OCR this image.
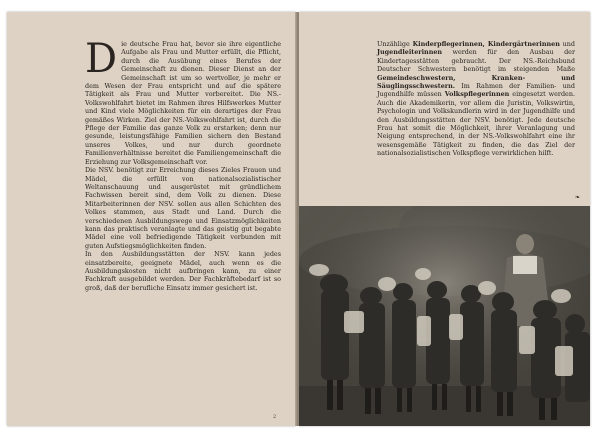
D ie deutsche Frau hat, bevor sie ihre eigentliche Aufgabe als Frau und Mutter erfüllt, die Pflicht, durch die Ausübung eines Berufes der Gemeinschaft zu dienen. Dieser Dienst an der Gemeinschaft ist um so wertvoller, je mehr er dem Wesen der Frau entspricht und auf die spätere Tätigkeit als Frau und Mutter vorbereitet. Die NS.-Volkswohlfahrt bietet im Rahmen ihres Hilfswerkes Mutter und Kind viele Möglichkeiten für ein derartiges der Frau gemäßes Wirken. Ziel der NS.-Volkswohlfahrt ist, durch die Pflege der Familie das ganze Volk zu erstarken; denn nur gesunde, leistungsfähige Familien sichern den Bestand unseres Volkes, und nur durch geordnete Familienverhältnisse bereitet die Familiengemeinschaft die Erziehung zur Volksgemeinschaft vor.

Die NSV. benötigt zur Erreichung dieses Zieles Frauen und Mädel, die erfüllt von nationalsozialistischer Weltanschauung und ausgerüstet mit gründlichem Fachwissen bereit sind, dem Volk zu dienen. Diese Mitarbeiterinnen der NSV. sollen aus allen Schichten des Volkes stammen, aus Stadt und Land. Durch die verschiedenen Ausbildungswege und Einsatzmöglichkeiten kann das praktisch veranlagte und das geistig gut begabte Mädel eine voll befriedigende Tätigkeit verbunden mit guten Aufstiegsmöglichkeiten finden.

In den Ausbildungsstätten der NSV. kann jedes einsatzbereite, geeignete Mädel, auch wenn es die Ausbildungskosten nicht aufbringen kann, zu einer Fachkraft ausgebildet werden. Der Fachkräftebedarf ist so groß, daß der berufliche Einsatz immer gesichert ist.

2
Unzählige Kinderpflegerinnen, Kindergärtnerinnen und Jugendleiterinnen werden für den Ausbau der Kindertagesstätten gebraucht. Der NS.-Reichsbund Deutscher Schwestern benötigt im steigenden Maße Gemeindeschwestern, Kranken- und Säuglingsschwestern. Im Rahmen der Familien- und Jugendhilfe müssen Volkspflegerinnen eingesetzt werden. Auch die Akademikerin, vor allem die Juristin, Volkswirtin, Psychologin und Volkskundlerin wird in der Jugendhilfe und den Ausbildungsstätten der NSV. benötigt. Jede deutsche Frau hat somit die Möglichkeit, ihrer Veranlagung und Neigung entsprechend, in der NS.-Volkswohlfahrt eine ihr wesensgemäße Tätigkeit zu finden, die das Ziel der nationalsozialistischen Volkspflege verwirklichen hilft.
❧
